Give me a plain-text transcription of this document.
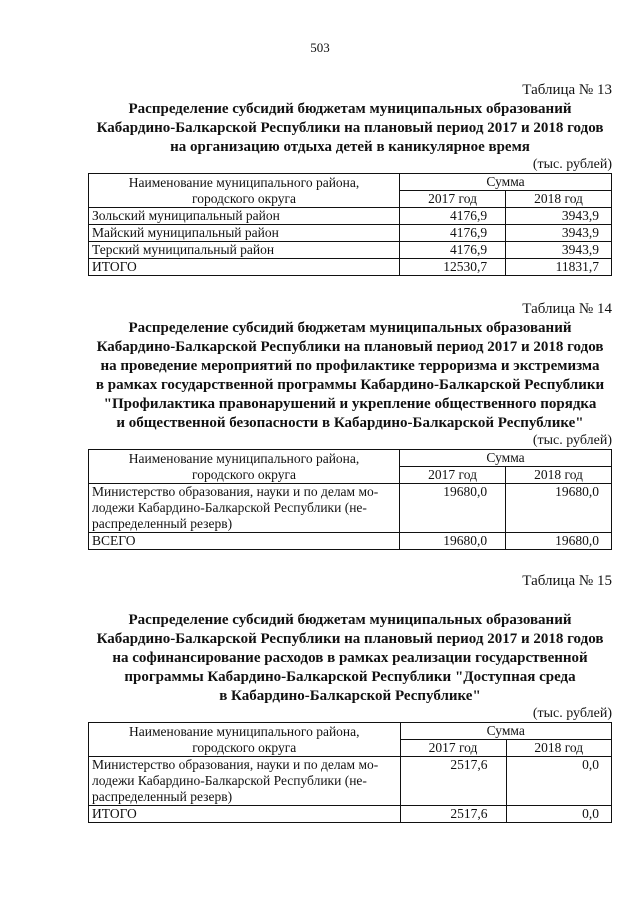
503
Таблица № 13
Распределение субсидий бюджетам муниципальных образований
Кабардино-Балкарской Республики на плановый период 2017 и 2018 годов
на организацию отдыха детей в каникулярное время
(тыс. рублей)
Наименование муниципального района,
городского округа	Сумма	
	2017 год	2018 год
Зольский муниципальный район	4176,9	3943,9
Майский муниципальный район	4176,9	3943,9
Терский муниципальный район	4176,9	3943,9
ИТОГО	12530,7	11831,7
Таблица № 14
Распределение субсидий бюджетам муниципальных образований
Кабардино-Балкарской Республики на плановый период 2017 и 2018 годов
на проведение мероприятий по профилактике терроризма и экстремизма
в рамках государственной программы Кабардино-Балкарской Республики
"Профилактика правонарушений и укрепление общественного порядка
и общественной безопасности в Кабардино-Балкарской Республике"
(тыс. рублей)
Наименование муниципального района,
городского округа	Сумма	
	2017 год	2018 год

Министерство образования, науки и по делам мо-
лодежи Кабардино-Балкарской Республики (не-
распределенный резерв)	19680,0	19680,0
ВСЕГО	19680,0	19680,0
Таблица № 15
Распределение субсидий бюджетам муниципальных образований
Кабардино-Балкарской Республики на плановый период 2017 и 2018 годов
на софинансирование расходов в рамках реализации государственной
программы Кабардино-Балкарской Республики "Доступная среда
в Кабардино-Балкарской Республике"
(тыс. рублей)
Наименование муниципального района,
городского округа	Сумма	
	2017 год	2018 год

Министерство образования, науки и по делам мо-
лодежи Кабардино-Балкарской Республики (не-
распределенный резерв)	2517,6	0,0
ИТОГО	2517,6	0,0
